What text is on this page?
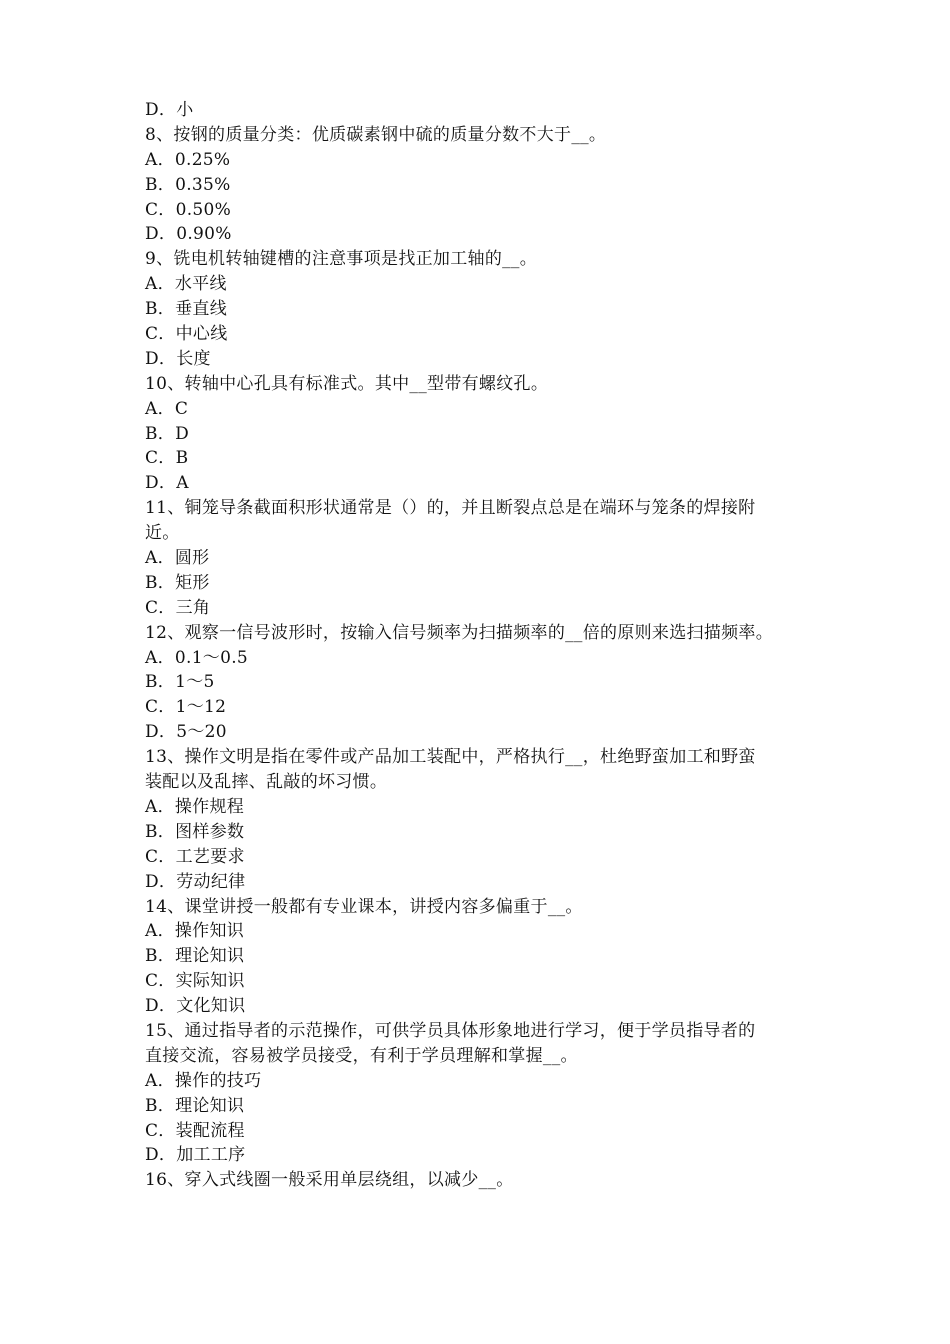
D．小
8、按钢的质量分类：优质碳素钢中硫的质量分数不大于__。
A．0.25%
B．0.35%
C．0.50%
D．0.90%
9、铣电机转轴键槽的注意事项是找正加工轴的__。
A．水平线
B．垂直线
C．中心线
D．长度
10、转轴中心孔具有标准式。其中__型带有螺纹孔。
A．C
B．D
C．B
D．A
11、铜笼导条截面积形状通常是（）的，并且断裂点总是在端环与笼条的焊接附
近。
A．圆形
B．矩形
C．三角
12、观察一信号波形时，按输入信号频率为扫描频率的__倍的原则来选扫描频率。
A．0.1～0.5
B．1～5
C．1～12
D．5～20
13、操作文明是指在零件或产品加工装配中，严格执行__，杜绝野蛮加工和野蛮
装配以及乱摔、乱敲的坏习惯。
A．操作规程
B．图样参数
C．工艺要求
D．劳动纪律
14、课堂讲授一般都有专业课本，讲授内容多偏重于__。
A．操作知识
B．理论知识
C．实际知识
D．文化知识
15、通过指导者的示范操作，可供学员具体形象地进行学习，便于学员指导者的
直接交流，容易被学员接受，有利于学员理解和掌握__。
A．操作的技巧
B．理论知识
C．装配流程
D．加工工序
16、穿入式线圈一般采用单层绕组，以减少__。
